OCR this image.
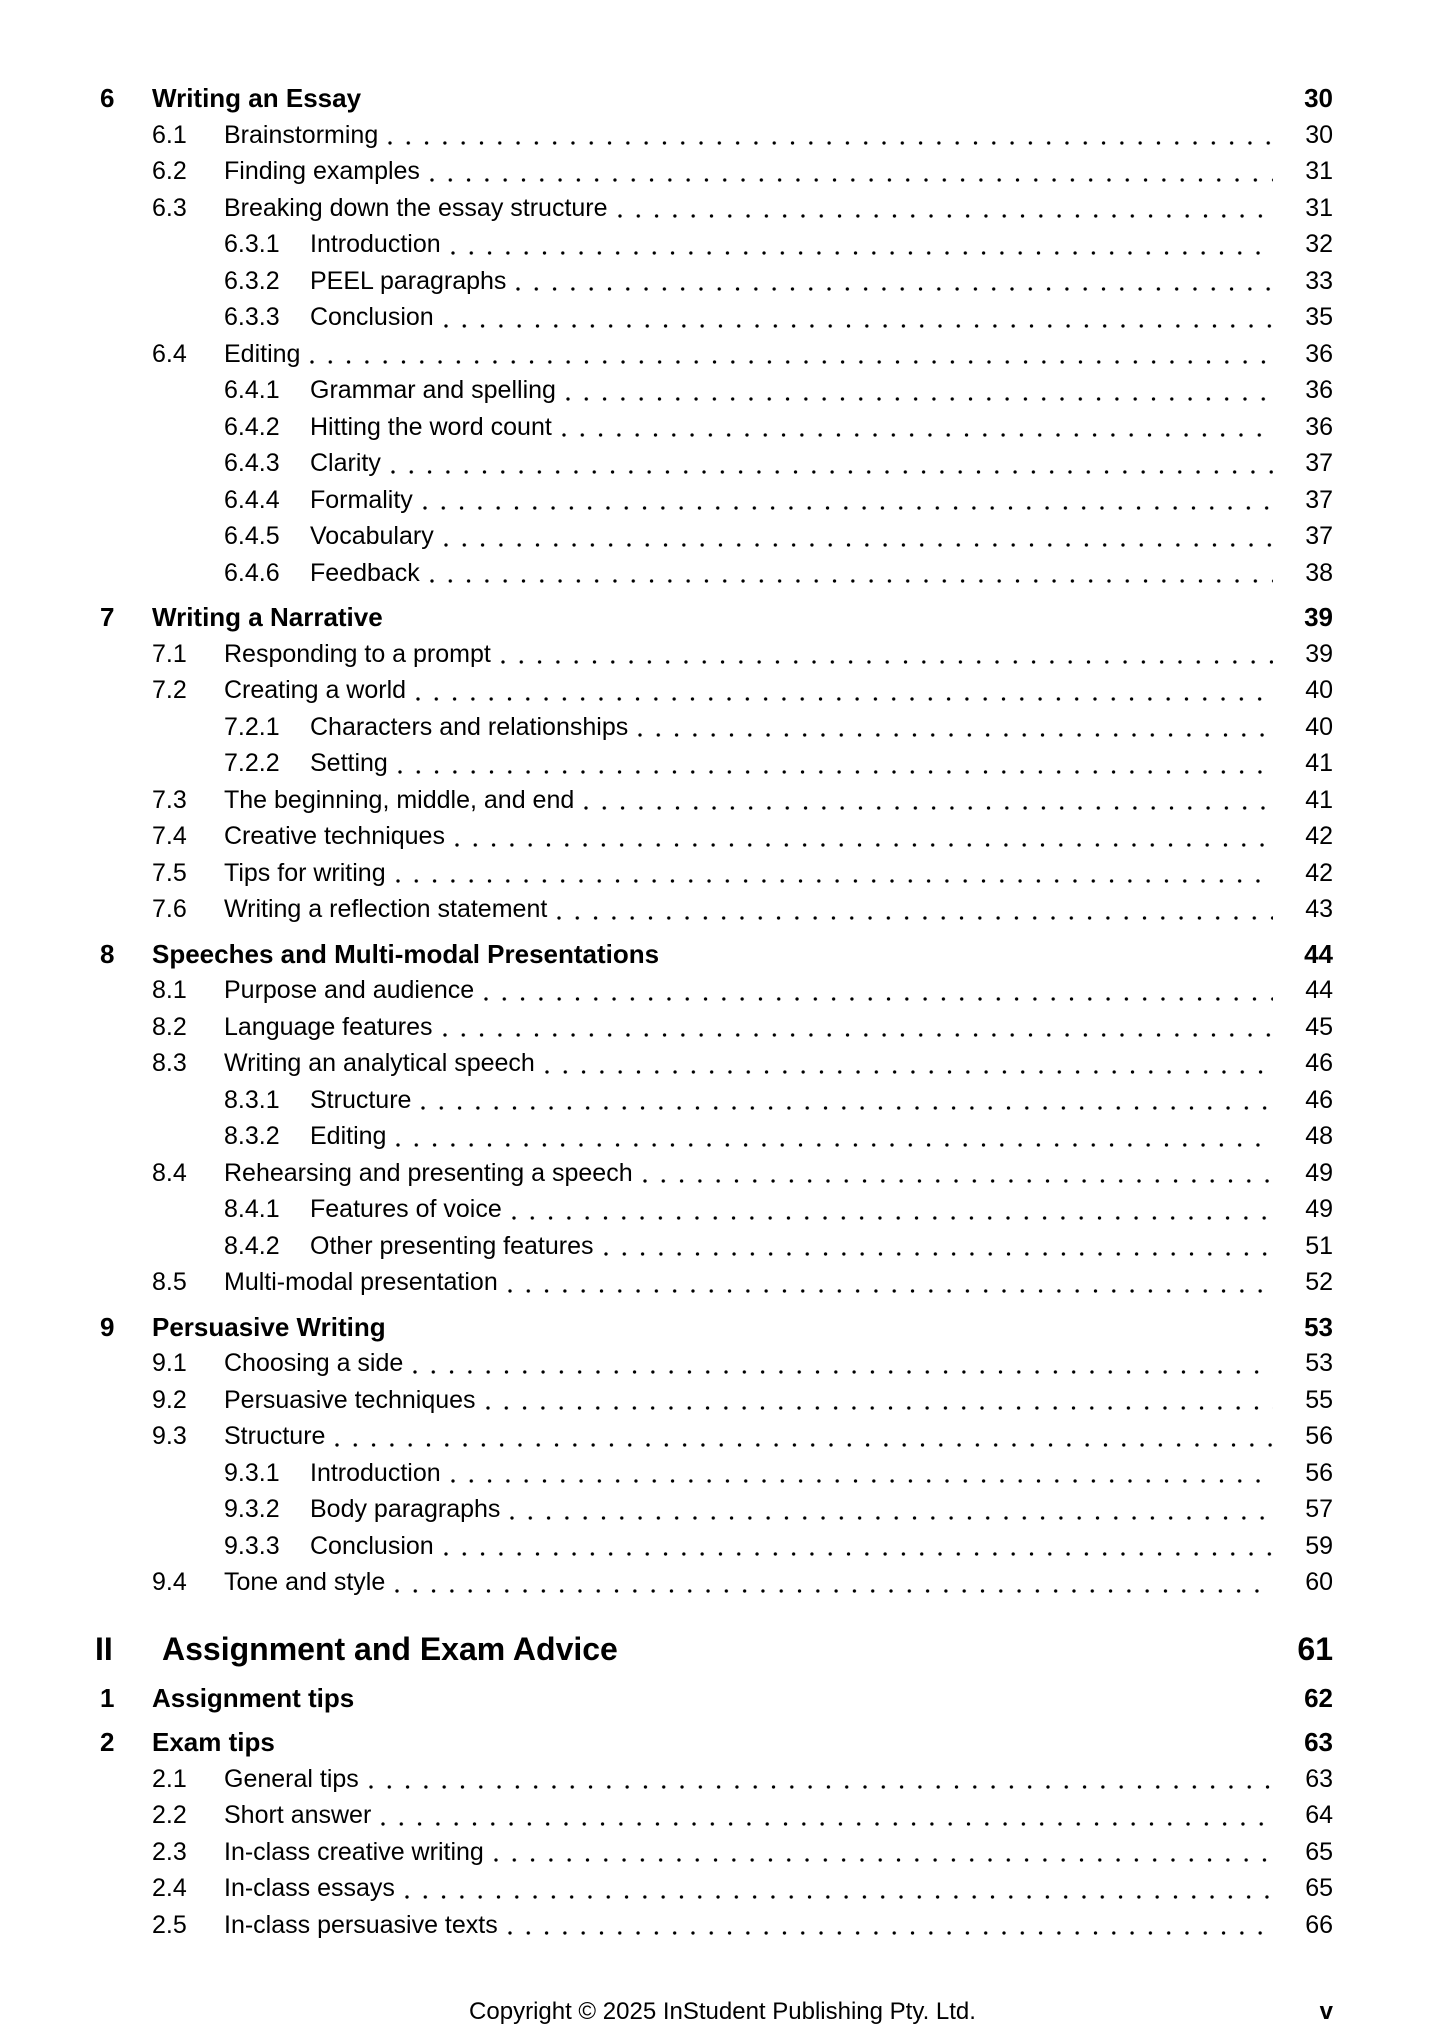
6	Writing an Essay	30
6.1	Brainstorming	30
6.2	Finding examples	31
6.3	Breaking down the essay structure	31
6.3.1	Introduction	32
6.3.2	PEEL paragraphs	33
6.3.3	Conclusion	35
6.4	Editing	36
6.4.1	Grammar and spelling	36
6.4.2	Hitting the word count	36
6.4.3	Clarity	37
6.4.4	Formality	37
6.4.5	Vocabulary	37
6.4.6	Feedback	38
7	Writing a Narrative	39
7.1	Responding to a prompt	39
7.2	Creating a world	40
7.2.1	Characters and relationships	40
7.2.2	Setting	41
7.3	The beginning, middle, and end	41
7.4	Creative techniques	42
7.5	Tips for writing	42
7.6	Writing a reflection statement	43
8	Speeches and Multi-modal Presentations	44
8.1	Purpose and audience	44
8.2	Language features	45
8.3	Writing an analytical speech	46
8.3.1	Structure	46
8.3.2	Editing	48
8.4	Rehearsing and presenting a speech	49
8.4.1	Features of voice	49
8.4.2	Other presenting features	51
8.5	Multi-modal presentation	52
9	Persuasive Writing	53
9.1	Choosing a side	53
9.2	Persuasive techniques	55
9.3	Structure	56
9.3.1	Introduction	56
9.3.2	Body paragraphs	57
9.3.3	Conclusion	59
9.4	Tone and style	60
II	Assignment and Exam Advice	61
1	Assignment tips	62
2	Exam tips	63
2.1	General tips	63
2.2	Short answer	64
2.3	In-class creative writing	65
2.4	In-class essays	65
2.5	In-class persuasive texts	66
Copyright © 2025 InStudent Publishing Pty. Ltd.	v
